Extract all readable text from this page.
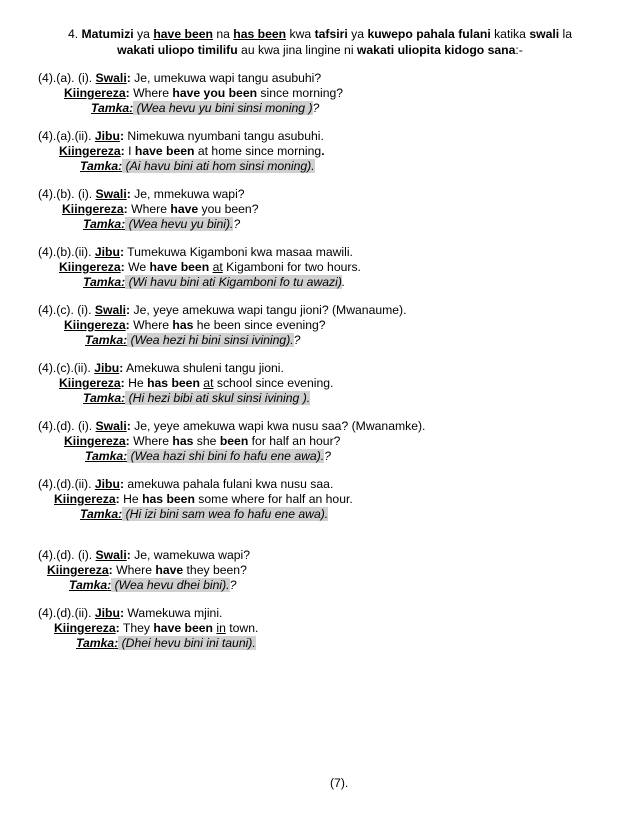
4. Matumizi ya have been na has been kwa tafsiri ya kuwepo pahala fulani katika swali la
wakati uliopo timilifu au kwa jina lingine ni wakati uliopita kidogo sana:-
(4).(a). (i). Swali: Je, umekuwa wapi tangu asubuhi?
Kiingereza: Where have you been since morning?
Tamka: (Wea hevu yu bini sinsi moning )?
(4).(a).(ii). Jibu: Nimekuwa nyumbani tangu asubuhi.
Kiingereza: I have been at home since morning.
Tamka: (Ai havu bini ati hom sinsi moning).
(4).(b). (i). Swali: Je, mmekuwa wapi?
Kiingereza: Where have you been?
Tamka: (Wea hevu yu bini).?
(4).(b).(ii). Jibu: Tumekuwa Kigamboni kwa masaa mawili.
Kiingereza: We have been at Kigamboni for two hours.
Tamka: (Wi havu bini ati Kigamboni fo tu awazi).
(4).(c). (i). Swali: Je, yeye amekuwa wapi tangu jioni? (Mwanaume).
Kiingereza: Where has he been since evening?
Tamka: (Wea hezi hi bini sinsi ivining).?
(4).(c).(ii). Jibu: Amekuwa shuleni tangu jioni.
Kiingereza: He has been at school since evening.
Tamka: (Hi hezi bibi ati skul sinsi ivining ).
(4).(d). (i). Swali: Je, yeye amekuwa wapi kwa nusu saa? (Mwanamke).
Kiingereza: Where has she been for half an hour?
Tamka: (Wea hazi shi bini fo hafu ene awa).?
(4).(d).(ii). Jibu: amekuwa pahala fulani kwa nusu saa.
Kiingereza: He has been some where for half an hour.
Tamka: (Hi izi bini sam wea fo hafu ene awa).
(4).(d). (i). Swali: Je, wamekuwa wapi?
Kiingereza: Where have they been?
Tamka: (Wea hevu dhei bini).?
(4).(d).(ii). Jibu: Wamekuwa mjini.
Kiingereza: They have been in town.
Tamka: (Dhei hevu bini ini tauni).
(7).
